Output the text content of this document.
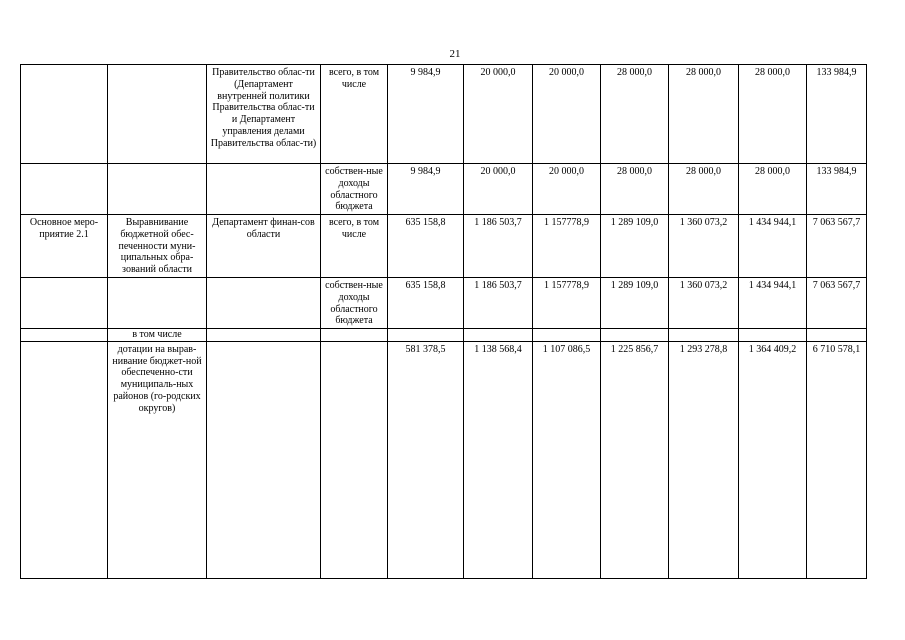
21
		Правительство облас-ти (Департамент внутренней политики Правительства облас-ти и Департамент управления делами Правительства облас-ти)	всего, в том числе	9 984,9	20 000,0	20 000,0	28 000,0	28 000,0	28 000,0	133 984,9
			собствен-ные доходы областного бюджета	9 984,9	20 000,0	20 000,0	28 000,0	28 000,0	28 000,0	133 984,9
Основное меро-приятие 2.1	Выравнивание бюджетной обес-печенности муни-ципальных обра-зований области	Департамент финан-сов области	всего, в том числе	635 158,8	1 186 503,7	1 157778,9	1 289 109,0	1 360 073,2	1 434 944,1	7 063 567,7
			собствен-ные доходы областного бюджета	635 158,8	1 186 503,7	1 157778,9	1 289 109,0	1 360 073,2	1 434 944,1	7 063 567,7
	в том числе									
	дотации на вырав-нивание бюджет-ной обеспеченно-сти муниципаль-ных районов (го-родских округов)			581 378,5	1 138 568,4	1 107 086,5	1 225 856,7	1 293 278,8	1 364 409,2	6 710 578,1
